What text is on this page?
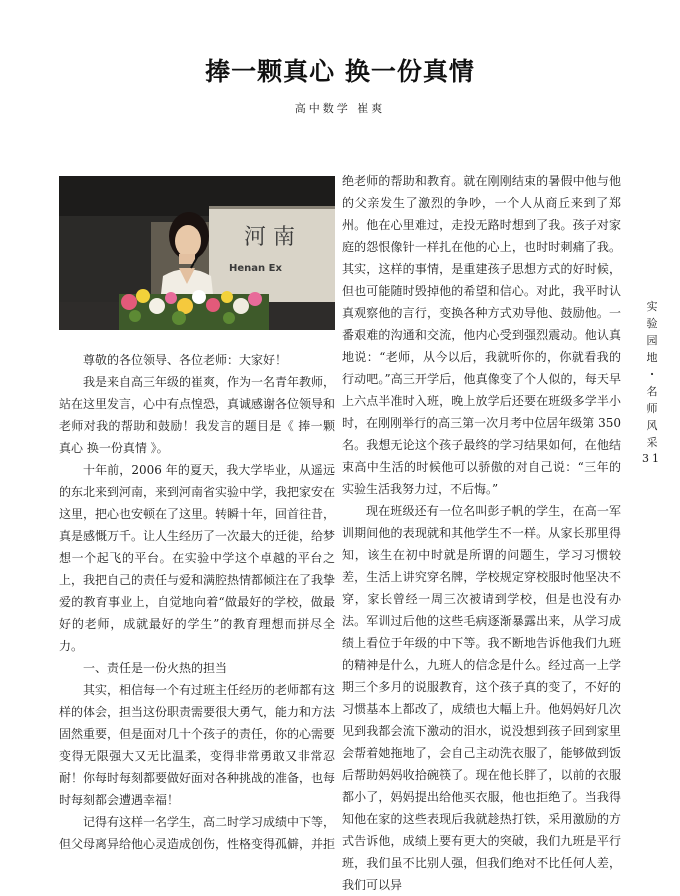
捧一颗真心 换一份真情
高中数学 崔爽
河 南
Henan Ex

尊敬的各位领导、各位老师：大家好！

我是来自高三年级的崔爽，作为一名青年教师，站在这里发言，心中有点惶恐，真诚感谢各位领导和老师对我的帮助和鼓励！我发言的题目是《 捧一颗真心 换一份真情 》。

十年前，2006 年的夏天，我大学毕业，从遥远的东北来到河南，来到河南省实验中学，我把家安在这里，把心也安顿在了这里。转瞬十年，回首往昔，真是感慨万千。让人生经历了一次最大的迁徙，给梦想一个起飞的平台。在实验中学这个卓越的平台之上，我把自己的责任与爱和满腔热情都倾注在了我挚爱的教育事业上，自觉地向着“做最好的学校，做最好的老师，成就最好的学生”的教育理想而拼尽全力。

一、责任是一份火热的担当

其实，相信每一个有过班主任经历的老师都有这样的体会，担当这份职责需要很大勇气，能力和方法固然重要，但是面对几十个孩子的责任，你的心需要变得无限强大又无比温柔，变得非常勇敢又非常忍耐！你每时每刻都要做好面对各种挑战的准备，也每时每刻都会遭遇幸福！

记得有这样一名学生，高二时学习成绩中下等，但父母离异给他心灵造成创伤，性格变得孤僻，并拒

绝老师的帮助和教育。就在刚刚结束的暑假中他与他的父亲发生了激烈的争吵，一个人从商丘来到了郑州。他在心里难过，走投无路时想到了我。孩子对家庭的怨恨像针一样扎在他的心上，也时时刺痛了我。其实，这样的事情，是重建孩子思想方式的好时候，但也可能随时毁掉他的希望和信心。对此，我平时认真观察他的言行，变换各种方式劝导他、鼓励他。一番艰难的沟通和交流，他内心受到强烈震动。他认真地说：“老师，从今以后，我就听你的，你就看我的行动吧。”高三开学后，他真像变了个人似的，每天早上六点半准时入班，晚上放学后还要在班级多学半小时，在刚刚举行的高三第一次月考中位居年级第 350 名。我想无论这个孩子最终的学习结果如何，在他结束高中生活的时候他可以骄傲的对自己说：“三年的实验生活我努力过，不后悔。”

现在班级还有一位名叫彭子帆的学生，在高一军训期间他的表现就和其他学生不一样。从家长那里得知，该生在初中时就是所谓的问题生，学习习惯较差，生活上讲究穿名牌，学校规定穿校服时他坚决不穿，家长曾经一周三次被请到学校，但是也没有办法。军训过后他的这些毛病逐渐暴露出来，从学习成绩上看位于年级的中下等。我不断地告诉他我们九班的精神是什么，九班人的信念是什么。经过高一上学期三个多月的说服教育，这个孩子真的变了，不好的习惯基本上都改了，成绩也大幅上升。他妈妈好几次见到我都会流下激动的泪水，说没想到孩子回到家里会帮着她拖地了，会自己主动洗衣服了，能够做到饭后帮助妈妈收拾碗筷了。现在他长胖了，以前的衣服都小了，妈妈提出给他买衣服，他也拒绝了。当我得知他在家的这些表现后我就趁热打铁，采用激励的方式告诉他，成绩上要有更大的突破，我们九班是平行班，我们虽不比别人强，但我们绝对不比任何人差，我们可以异

实
验
园
地
·
名
师
风
采
31
